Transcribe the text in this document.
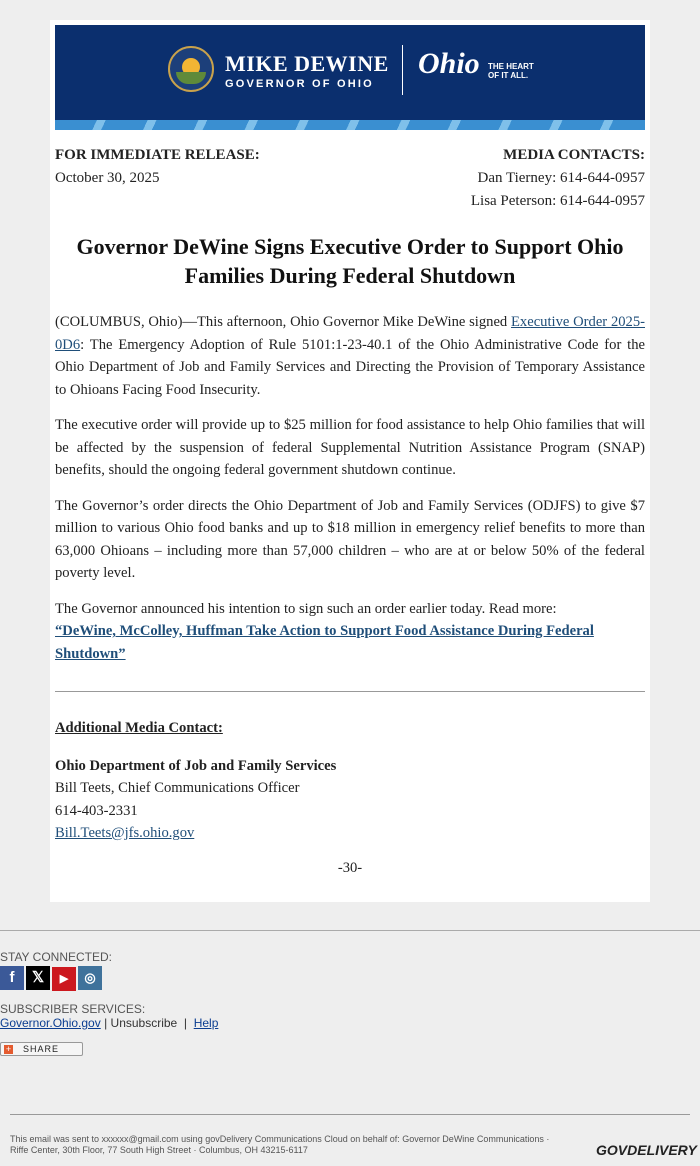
MIKE DEWINE
GOVERNOR OF OHIO
Ohio THE HEART
OF IT ALL.
FOR IMMEDIATE RELEASE:
October 30, 2025
MEDIA CONTACTS:
Dan Tierney: 614-644-0957
Lisa Peterson: 614-644-0957
Governor DeWine Signs Executive Order to Support Ohio Families During Federal Shutdown

(COLUMBUS, Ohio)—This afternoon, Ohio Governor Mike DeWine signed Executive Order 2025-0D6: The Emergency Adoption of Rule 5101:1-23-40.1 of the Ohio Administrative Code for the Ohio Department of Job and Family Services and Directing the Provision of Temporary Assistance to Ohioans Facing Food Insecurity.

The executive order will provide up to $25 million for food assistance to help Ohio families that will be affected by the suspension of federal Supplemental Nutrition Assistance Program (SNAP) benefits, should the ongoing federal government shutdown continue.

The Governor’s order directs the Ohio Department of Job and Family Services (ODJFS) to give $7 million to various Ohio food banks and up to $18 million in emergency relief benefits to more than 63,000 Ohioans – including more than 57,000 children – who are at or below 50% of the federal poverty level.

The Governor announced his intention to sign such an order earlier today. Read more:
“DeWine, McColley, Huffman Take Action to Support Food Assistance During Federal Shutdown”

Additional Media Contact:
Ohio Department of Job and Family Services
Bill Teets, Chief Communications Officer
614-403-2331
Bill.Teets@jfs.ohio.gov
-30-
STAY CONNECTED:
f 𝕏 ▶ ◎
SUBSCRIBER SERVICES:
Governor.Ohio.gov | Unsubscribe  |  Help
+ SHARE
This email was sent to xxxxxx@gmail.com using govDelivery Communications Cloud on behalf of: Governor DeWine Communications · Riffe Center, 30th Floor, 77 South High Street · Columbus, OH 43215-6117	GOVDELIVERY
